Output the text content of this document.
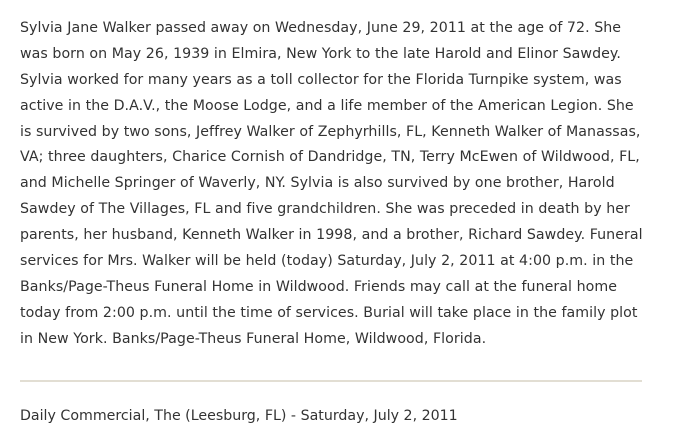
Sylvia Jane Walker passed away on Wednesday, June 29, 2011 at the age of 72. She
was born on May 26, 1939 in Elmira, New York to the late Harold and Elinor Sawdey.
Sylvia worked for many years as a toll collector for the Florida Turnpike system, was
active in the D.A.V., the Moose Lodge, and a life member of the American Legion. She
is survived by two sons, Jeffrey Walker of Zephyrhills, FL, Kenneth Walker of Manassas,
VA; three daughters, Charice Cornish of Dandridge, TN, Terry McEwen of Wildwood, FL,
and Michelle Springer of Waverly, NY. Sylvia is also survived by one brother, Harold
Sawdey of The Villages, FL and five grandchildren. She was preceded in death by her
parents, her husband, Kenneth Walker in 1998, and a brother, Richard Sawdey. Funeral
services for Mrs. Walker will be held (today) Saturday, July 2, 2011 at 4:00 p.m. in the
Banks/Page-Theus Funeral Home in Wildwood. Friends may call at the funeral home
today from 2:00 p.m. until the time of services. Burial will take place in the family plot
in New York. Banks/Page-Theus Funeral Home, Wildwood, Florida.
Daily Commercial, The (Leesburg, FL) - Saturday, July 2, 2011
